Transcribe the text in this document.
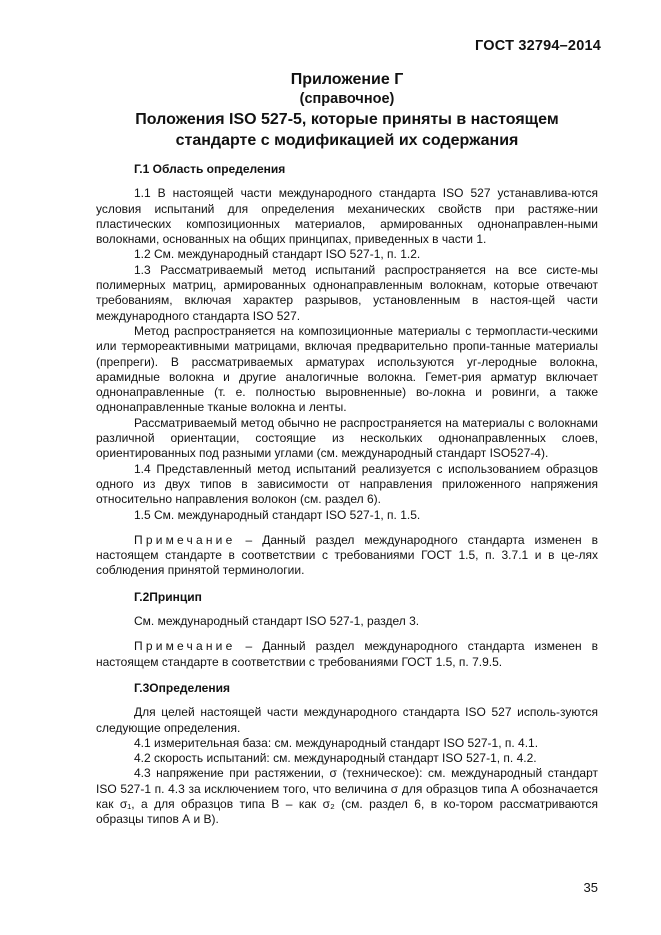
ГОСТ 32794–2014
Приложение Г
(справочное)
Положения ISO 527-5, которые приняты в настоящем стандарте с модификацией их содержания
Г.1 Область определения

1.1 В настоящей части международного стандарта ISO 527 устанавлива-ются условия испытаний для определения механических свойств при растяже-нии пластических композиционных материалов, армированных однонаправлен-ными волокнами, основанных на общих принципах, приведенных в части 1.

1.2 См. международный стандарт ISO 527-1, п. 1.2.

1.3 Рассматриваемый метод испытаний распространяется на все систе-мы полимерных матриц, армированных однонаправленным волокнам, которые отвечают требованиям, включая характер разрывов, установленным в настоя-щей части международного стандарта ISO 527.

Метод распространяется на композиционные материалы с термопласти-ческими или термореактивными матрицами, включая предварительно пропи-танные материалы (препреги). В рассматриваемых арматурах используются уг-леродные волокна, арамидные волокна и другие аналогичные волокна. Гемет-рия арматур включает однонаправленные (т. е. полностью выровненные) во-локна и ровинги, а также однонаправленные тканые волокна и ленты.

Рассматриваемый метод обычно не распространяется на материалы с волокнами различной ориентации, состоящие из нескольких однонаправленных слоев, ориентированных под разными углами (см. международный стандарт ISO527-4).

1.4 Представленный метод испытаний реализуется с использованием образцов одного из двух типов в зависимости от направления приложенного напряжения относительно направления волокон (см. раздел 6).

1.5 См. международный стандарт ISO 527-1, п. 1.5.

Примечание – Данный раздел международного стандарта изменен в настоящем стандарте в соответствии с требованиями ГОСТ 1.5, п. 3.7.1 и в це-лях соблюдения принятой терминологии.

Г.2Принцип

См. международный стандарт ISO 527-1, раздел 3.

Примечание – Данный раздел международного стандарта изменен в настоящем стандарте в соответствии с требованиями ГОСТ 1.5, п. 7.9.5.

Г.3Определения

Для целей настоящей части международного стандарта ISO 527 исполь-зуются следующие определения.

4.1 измерительная база: см. международный стандарт ISO 527-1, п. 4.1.

4.2 скорость испытаний: см. международный стандарт ISO 527-1, п. 4.2.

4.3 напряжение при растяжении, σ (техническое): см. международный стандарт ISO 527-1 п. 4.3 за исключением того, что величина σ для образцов типа А обозначается как σ₁, а для образцов типа В – как σ₂ (см. раздел 6, в ко-тором рассматриваются образцы типов А и В).

35
